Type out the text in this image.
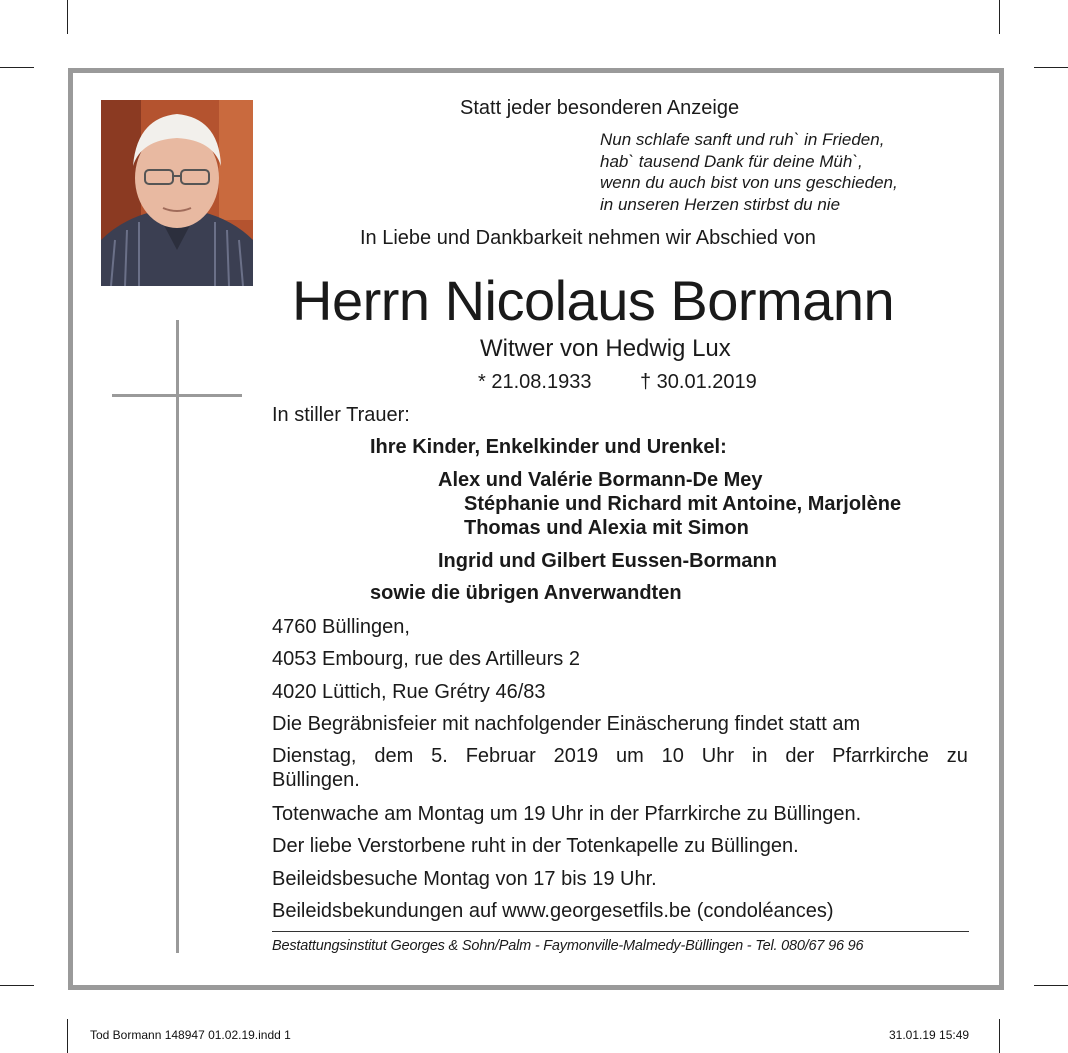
Statt jeder besonderen Anzeige
Nun schlafe sanft und ruh` in Frieden,
hab` tausend Dank für deine Müh`,
wenn du auch bist von uns geschieden,
in unseren Herzen stirbst du nie
In Liebe und Dankbarkeit nehmen wir Abschied von
Herrn Nicolaus Bormann
Witwer von Hedwig Lux
* 21.08.1933 † 30.01.2019
In stiller Trauer:
Ihre Kinder, Enkelkinder und Urenkel:
Alex und Valérie Bormann-De Mey
Stéphanie und Richard mit Antoine, Marjolène
Thomas und Alexia mit Simon
Ingrid und Gilbert Eussen-Bormann
sowie die übrigen Anverwandten
4760 Büllingen,
4053 Embourg, rue des Artilleurs 2
4020 Lüttich, Rue Grétry 46/83
Die Begräbnisfeier mit nachfolgender Einäscherung findet statt am
Dienstag, dem 5. Februar 2019 um 10 Uhr in der Pfarrkirche zu
Büllingen.
Totenwache am Montag um 19 Uhr in der Pfarrkirche zu Büllingen.
Der liebe Verstorbene ruht in der Totenkapelle zu Büllingen.
Beileidsbesuche Montag von 17 bis 19 Uhr.
Beileidsbekundungen auf www.georgesetfils.be (condoléances)
Bestattungsinstitut Georges & Sohn/Palm - Faymonville-Malmedy-Büllingen - Tel. 080/67 96 96
Tod Bormann 148947 01.02.19.indd 1	31.01.19 15:49
